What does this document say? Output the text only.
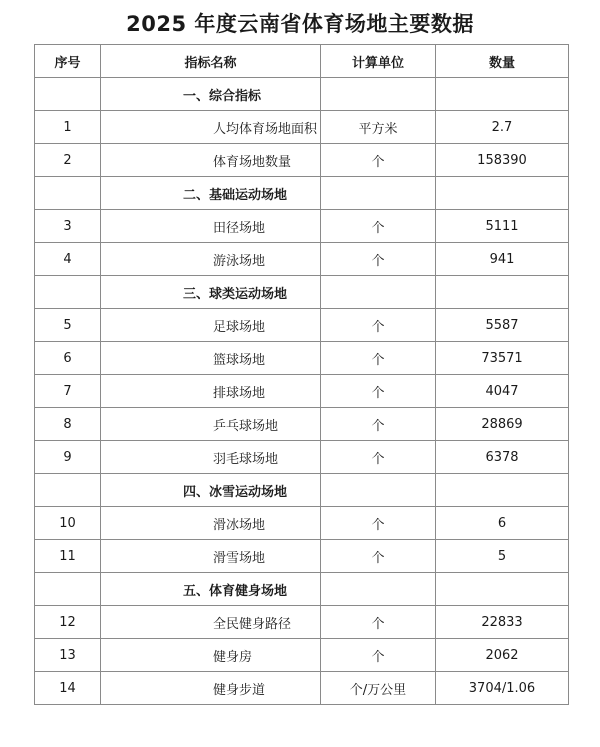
2025 年度云南省体育场地主要数据
序号	指标名称	计算单位	数量
	一、综合指标		
1	人均体育场地面积	平方米	2.7
2	体育场地数量	个	158390
	二、基础运动场地		
3	田径场地	个	5111
4	游泳场地	个	941
	三、球类运动场地		
5	足球场地	个	5587
6	篮球场地	个	73571
7	排球场地	个	4047
8	乒乓球场地	个	28869
9	羽毛球场地	个	6378
	四、冰雪运动场地		
10	滑冰场地	个	6
11	滑雪场地	个	5
	五、体育健身场地		
12	全民健身路径	个	22833
13	健身房	个	2062
14	健身步道	个/万公里	3704/1.06
